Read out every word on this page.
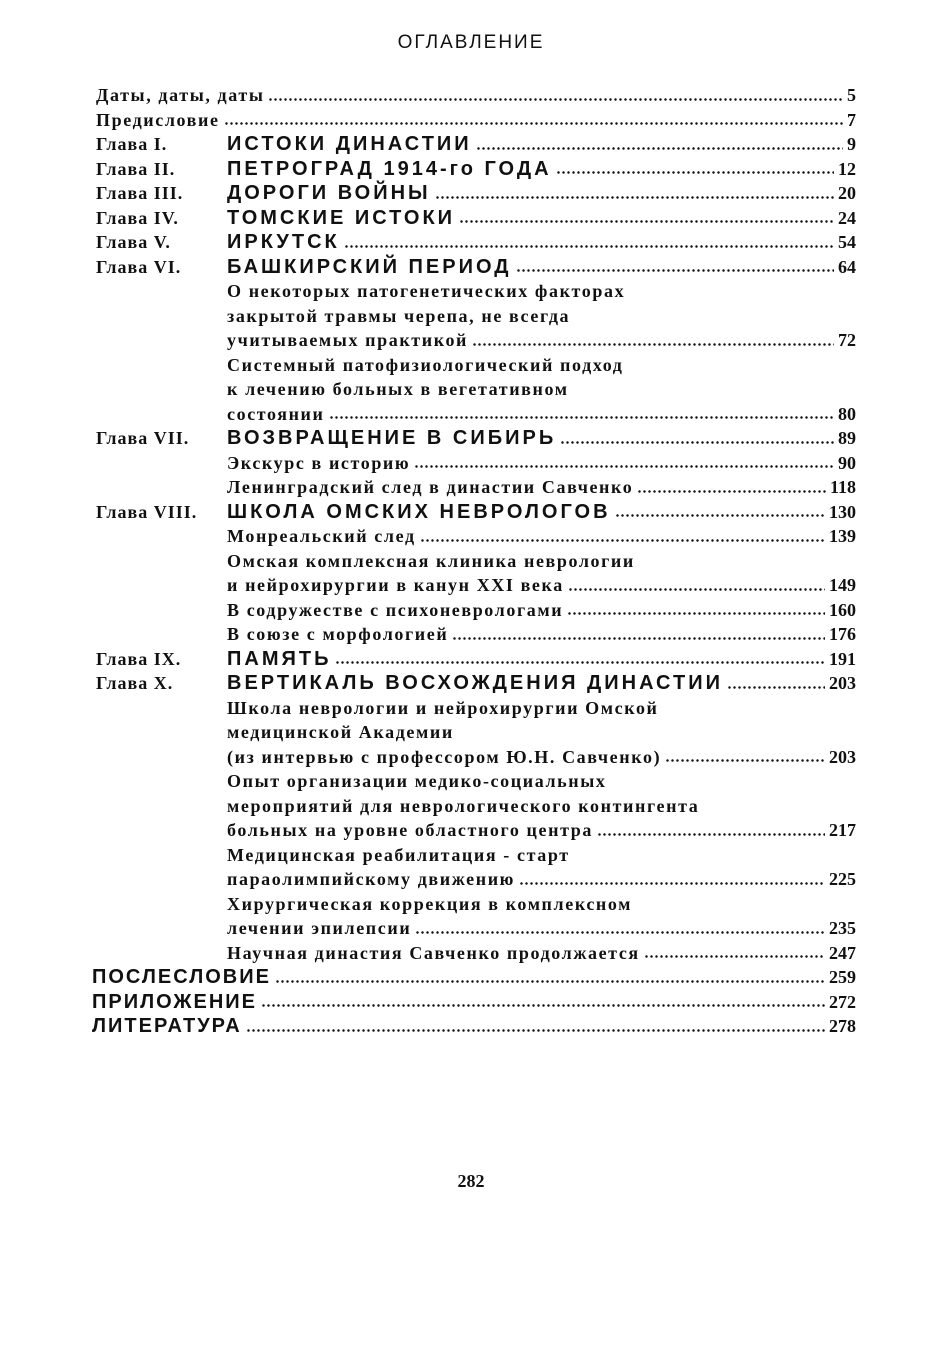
ОГЛАВЛЕНИЕ
Даты, даты, даты	5
Предисловие	7
Глава I.	ИСТОКИ ДИНАСТИИ	9
Глава II.	ПЕТРОГРАД 1914-го ГОДА	12
Глава III.	ДОРОГИ ВОЙНЫ	20
Глава IV.	ТОМСКИЕ ИСТОКИ	24
Глава V.	ИРКУТСК	54
Глава VI.	БАШКИРСКИЙ ПЕРИОД	64
О некоторых патогенетических факторах
закрытой травмы черепа, не всегда
учитываемых практикой	72
Системный патофизиологический подход
к лечению больных в вегетативном
состоянии	80
Глава VII.	ВОЗВРАЩЕНИЕ В СИБИРЬ	89
Экскурс в историю	90
Ленинградский след в династии Савченко	118
Глава VIII.	ШКОЛА ОМСКИХ НЕВРОЛОГОВ	130
Монреальский след	139
Омская комплексная клиника неврологии
и нейрохирургии в канун XXI века	149
В содружестве с психоневрологами	160
В союзе с морфологией	176
Глава IX.	ПАМЯТЬ	191
Глава X.	ВЕРТИКАЛЬ ВОСХОЖДЕНИЯ ДИНАСТИИ	203
Школа неврологии и нейрохирургии Омской
медицинской Академии
(из интервью с профессором Ю.Н. Савченко)	203
Опыт организации медико-социальных
мероприятий для неврологического контингента
больных на уровне областного центра	217
Медицинская реабилитация - старт
параолимпийскому движению	225
Хирургическая коррекция в комплексном
лечении эпилепсии	235
Научная династия Савченко продолжается	247
ПОСЛЕСЛОВИЕ	259
ПРИЛОЖЕНИЕ	272
ЛИТЕРАТУРА	278
282
